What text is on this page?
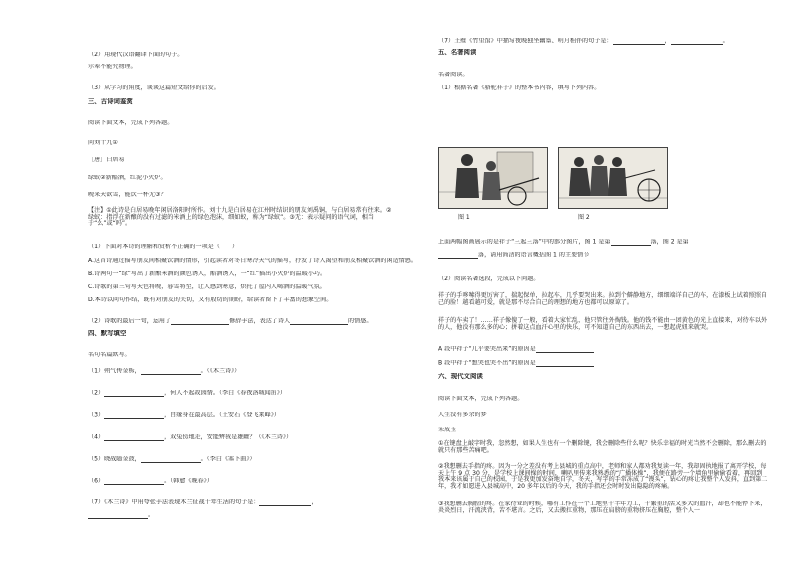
（2）用现代汉语翻译下面的句子。
尔辈不能究物理。
（3）从学习的角度，谈谈这篇短文给你的启发。
三、古诗词鉴赏
阅读下面文本，完成下列各题。
问刘十九①
［唐］白居易
绿蚁②新醅酒，红泥小火炉。
晚来天欲雪，能饮一杯无③？
【注】①此诗是白居易晚年闲居洛阳时所作。刘十九是白居易在江州时结识的朋友刘禹铜，与白居易常有往来。②绿蚁：指浮在新酿的没有过滤的米酒上的绿色泡沫，细如蚁，称为“绿蚁”。③无：表示疑问的语气词，相当于“么”或“吗”。
（1）下面对本诗的理解和赏析不正确的一项是（　　）
A.这首诗通过描写朋友间相聚饮酒的情形，引起读者对冬日寒冷天气的描写，抒发了诗人渴望和朋友相聚饮酒的闲适情感。
B.诗两句一“绿”写出了新酿米酒的颜色诱人，醅酒诱人，一“红”描出小火炉的温暖小巧。
C.诗歌的第三句写天色将晚，暮雪将至，让人感到寒意，烘托了屋内人喝酒的温暖气氛。
D.本诗以问句作结，既有对朋友的关切，又有殷切的期盼，给读者留下了丰富的想象空间。
（2）诗歌的最后一句，运用了	修辞手法，表达了诗人	的情感。
四、默写填空
名句名篇默写。
（1）朔气传金柝，	。（《木兰诗》）
（2）	，何人不起故园情。（李白《春夜洛城闻笛》）
（3）	，自缘身在最高层。（王安石《登飞来峰》）
（4）	，双兔傍地走，安能辨我是雄雌？（《木兰诗》）
（5）晓战随金鼓，	。（李白《塞下曲》）
（6）	。（韩愈《晚春》）
（7）《木兰诗》中用夸张手法表现木兰征战十年生活的句子是：	，
。
（7）王维《竹里馆》中描写夜晚独坐幽篁、明月相伴的句子是：	，	。
五、名著阅读
名著阅读。
（1）根据名著《骆驼祥子》的整本书内容，填写下列内容。
图 1	图 2
上面两幅图画展示的是祥子“三起三落”中的部分图片，图 1 是第	落，图 2 是第
落，请用简洁的语言概括图 1 的主要情节
（2）阅读名著选段，完成以下问题。
祥子的手哆嗦得更厉害了，揣起保单，拉起车，几乎要哭出来。拉到个僻静地方，细细端详自己的车，在漆板上试着照照自己的脸！越看越可爱，就是那不尽合自己的理想的地方也都可以原谅了。
祥子的车卖了！……祥子像傻了一般，看着大家忙乱，他只管往外掏钱。他的钱不能由一团黄色的光上直接来，对待车以外的人，他没有那么多的心；拼着这点血汗心里的快乐，可不知道自己的东西出去，一想起虎妞来就哭。
A 段中祥子“几乎要哭出来”的原因是
B 段中祥子“想哭也哭不出”的原因是
六、现代文阅读
阅读下面文本，完成下列各题。
人生没有多余的梦
朱成玉
①在键盘上敲字时我，忽然想，如果人生也有一个删除键，我会删除些什么呢？快乐幸福的时光当然不会删除，那么删去的就只有那些苦痛吧。
②我想删去手指的疼。因为一分之差没有考上县城的重点高中，老师和家人都劝我复读一年，我却固执地报了离开学校，每天上午 9 点 30 分，是学校上课间操的时间，喇叭里传来我熟悉的“广播体操”，我便在路旁一个墙角里偷偷看着，再回到我本来该属于自己的校园，于是我更加发奋地自学，冬天，写字的手常冻成了“馒头”，钻心的疼让我整个人发抖，直到第二年，我才如愿进入县城高中，20 多年以后的今天，我的手指还会时时发出隐隐的疼痛。
③我想删去胸膛的疼。在家待业的时候，哪有工作在一个工地里干半年力工，干繁重的活又多大的血汗，却也不能停下来，炎炎烈日，汗流浃背，苦不堪言。之后，又去搬扛重物，那压在肩膀的重物挤压在胸腔，整个人一
